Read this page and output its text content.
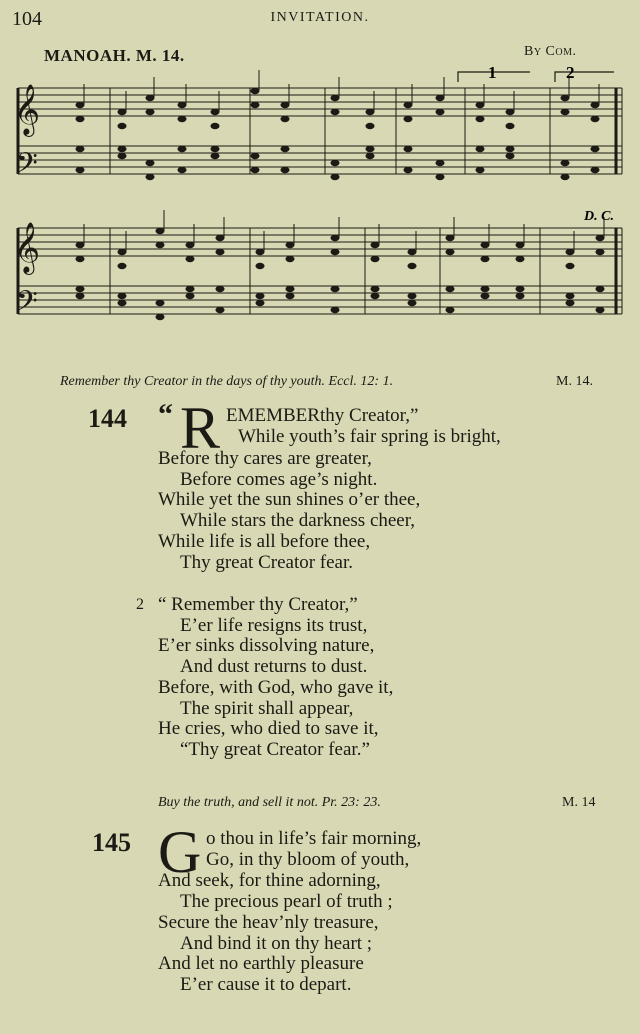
104	INVITATION.
MANOAH. M. 14.	By Com.
1	2
D. C.
𝄞
𝄢
𝄞
𝄢
Remember thy Creator in the days of thy youth. Eccl. 12: 1.	M. 14.
144 “ R EMEMBER thy Creator,”
While youth’s fair spring is bright,
Before thy cares are greater,
Before comes age’s night.
While yet the sun shines o’er thee,
While stars the darkness cheer,
While life is all before thee,
Thy great Creator fear.
2 “ Remember thy Creator,”
E’er life resigns its trust,
E’er sinks dissolving nature,
And dust returns to dust.
Before, with God, who gave it,
The spirit shall appear,
He cries, who died to save it,
“Thy great Creator fear.”
Buy the truth, and sell it not. Pr. 23: 23.	M. 14
145 G o thou in life’s fair morning,
Go, in thy bloom of youth,
And seek, for thine adorning,
The precious pearl of truth ;
Secure the heav’nly treasure,
And bind it on thy heart ;
And let no earthly pleasure
E’er cause it to depart.
